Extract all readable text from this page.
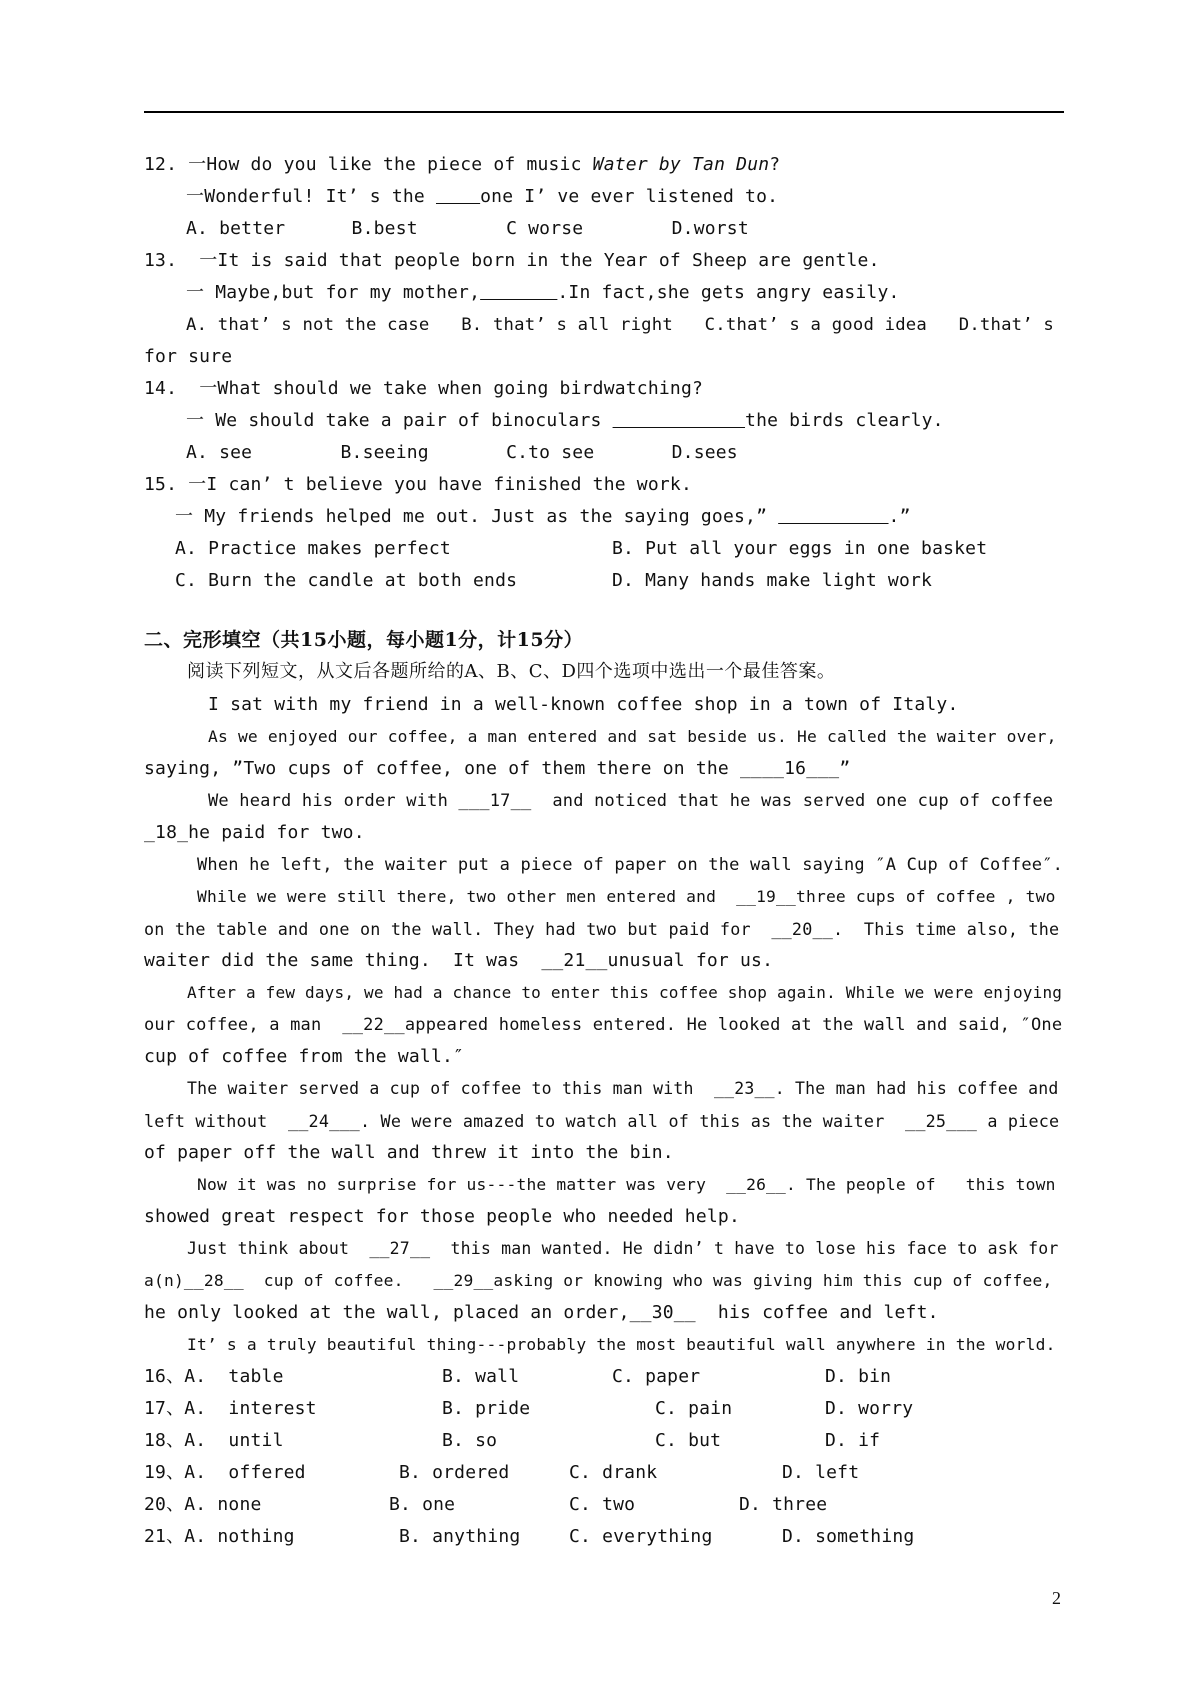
12. 一How do you like the piece of music Water by Tan Dun?
一Wonderful! It’ s the     one I’ ve ever listened to.
A. better      B.best        C worse        D.worst
13. 一It is said that people born in the Year of Sheep are gentle.
一 Maybe,but for my mother,	.In fact,she gets angry easily.
A. that’ s not the case   B. that’ s all right   C.that’ s a good idea   D.that’ s
for sure
14. 一What should we take when going birdwatching?
一 We should take a pair of binoculars	the birds clearly.
A. see        B.seeing       C.to see       D.sees
15. 一I can’ t believe you have finished the work.
一 My friends helped me out. Just as the saying goes,”	.”
A. Practice makes perfect	B. Put all your eggs in one basket
C. Burn the candle at both ends	D. Many hands make light work
二、完形填空（共15小题，每小题1分，计15分）
阅读下列短文，从文后各题所给的A、B、C、D四个选项中选出一个最佳答案。
I sat with my friend in a well-known coffee shop in a town of Italy.
As we enjoyed our coffee, a man entered and sat beside us. He called the waiter over,
saying, ”Two cups of coffee, one of them there on the ____16___”
We heard his order with ___17__  and noticed that he was served one cup of coffee
_18_he paid for two.
When he left, the waiter put a piece of paper on the wall saying ″A Cup of Coffee″.
While we were still there, two other men entered and  __19__three cups of coffee , two
on the table and one on the wall. They had two but paid for  __20__.  This time also, the
waiter did the same thing.  It was  __21__unusual for us.
After a few days, we had a chance to enter this coffee shop again. While we were enjoying
our coffee, a man  __22__appeared homeless entered. He looked at the wall and said, ″One
cup of coffee from the wall.″
The waiter served a cup of coffee to this man with  __23__. The man had his coffee and
left without  __24___. We were amazed to watch all of this as the waiter  __25___ a piece
of paper off the wall and threw it into the bin.
Now it was no surprise for us---the matter was very  __26__. The people of   this town
showed great respect for those people who needed help.
Just think about  __27__  this man wanted. He didn’ t have to lose his face to ask for
a(n)__28__  cup of coffee.   __29__asking or knowing who was giving him this cup of coffee,
he only looked at the wall, placed an order,__30__  his coffee and left.
It’ s a truly beautiful thing---probably the most beautiful wall anywhere in the world.
16、A.  table	B. wall	C. paper	D. bin
17、A.  interest	B. pride	C. pain	D. worry
18、A.  until	B. so	C. but	D. if
19、A.  offered	B. ordered	C. drank	D. left
20、A. none	B. one	C. two	D. three
21、A. nothing	B. anything	C. everything	D. something
2
